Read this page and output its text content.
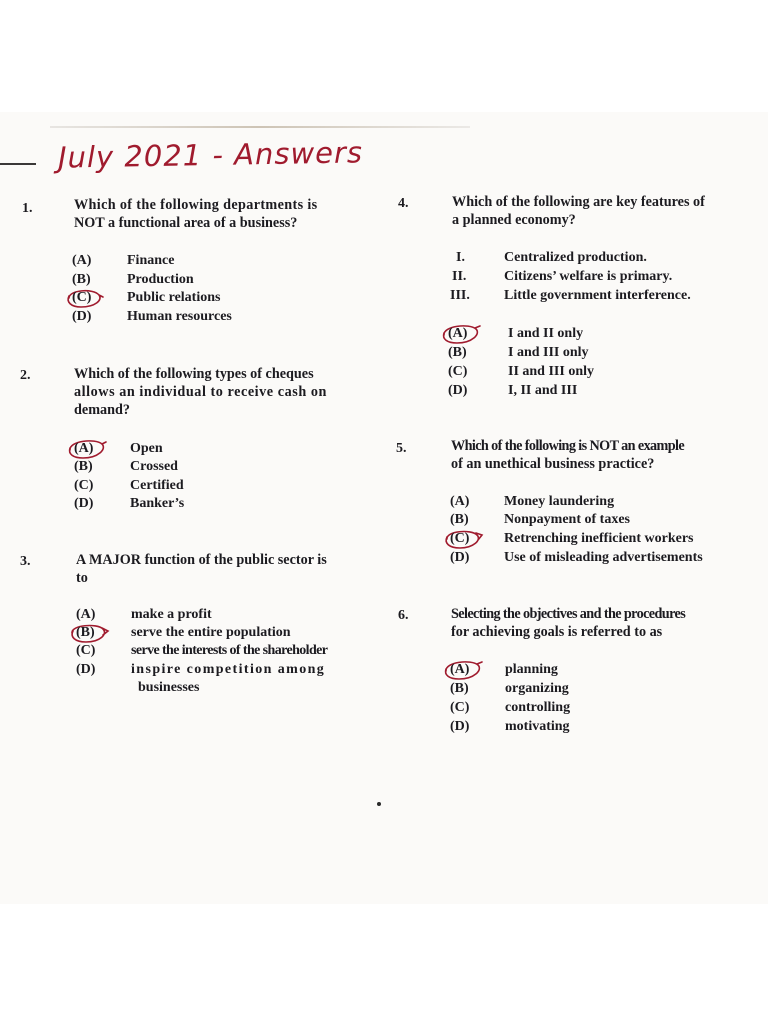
July 2021 - Answers
1.	Which of the following departments is
NOT a functional area of a business?

(A)	Finance
(B)	Production
(C)	Public relations
(D)	Human resources
2.	Which of the following types of cheques
allows an individual to receive cash on
demand?

(A)	Open
(B)	Crossed
(C)	Certified
(D)	Banker’s
3.	A MAJOR function of the public sector is
to

(A)	make a profit
(B)	serve the entire population
(C)	serve the interests of the shareholder
(D)	inspire competition among
businesses
4.	Which of the following are key features of
a planned economy?

I.	Centralized production.
II.	Citizens’ welfare is primary.
III. Little government interference.
(A)	I and II only
(B)	I and III only
(C)	II and III only
(D)	I, II and III
5.	Which of the following is NOT an example
of an unethical business practice?

(A) Money laundering
(B)	Nonpayment of taxes
(C) Retrenching inefficient workers
(D) Use of misleading advertisements
6.	Selecting the objectives and the procedures
for achieving goals is referred to as

(A)	planning
(B)	organizing
(C)	controlling
(D)	motivating
